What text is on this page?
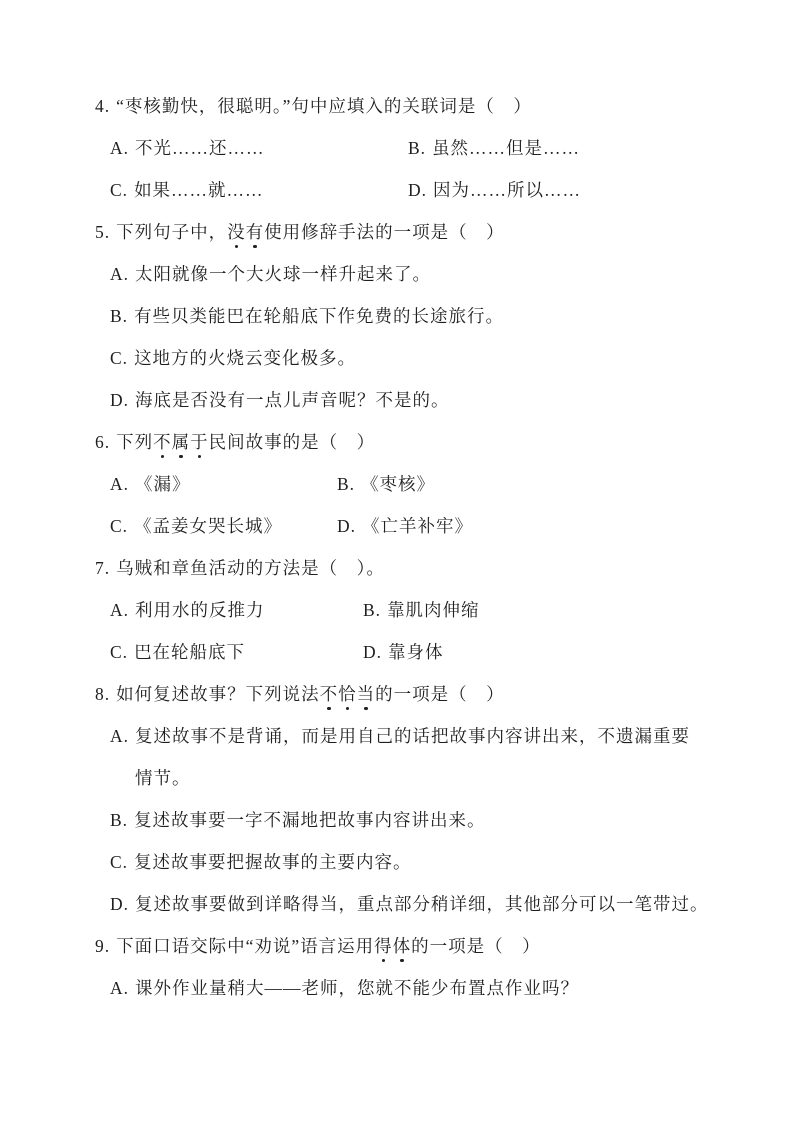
4. “枣核勤快，很聪明。”句中应填入的关联词是（　）
A. 不光……还……	B. 虽然……但是……
C. 如果……就……	D. 因为……所以……
5. 下列句子中，没有使用修辞手法的一项是（　）
A. 太阳就像一个大火球一样升起来了。
B. 有些贝类能巴在轮船底下作免费的长途旅行。
C. 这地方的火烧云变化极多。
D. 海底是否没有一点儿声音呢？不是的。
6. 下列不属于民间故事的是（　）
A. 《漏》	B. 《枣核》
C. 《孟姜女哭长城》	D. 《亡羊补牢》
7. 乌贼和章鱼活动的方法是（　）。
A. 利用水的反推力	B. 靠肌肉伸缩
C. 巴在轮船底下	D. 靠身体
8. 如何复述故事？下列说法不恰当的一项是（　）
A. 复述故事不是背诵，而是用自己的话把故事内容讲出来，不遗漏重要情节。
B. 复述故事要一字不漏地把故事内容讲出来。
C. 复述故事要把握故事的主要内容。
D. 复述故事要做到详略得当，重点部分稍详细，其他部分可以一笔带过。
9. 下面口语交际中“劝说”语言运用得体的一项是（　）
A. 课外作业量稍大——老师，您就不能少布置点作业吗？
